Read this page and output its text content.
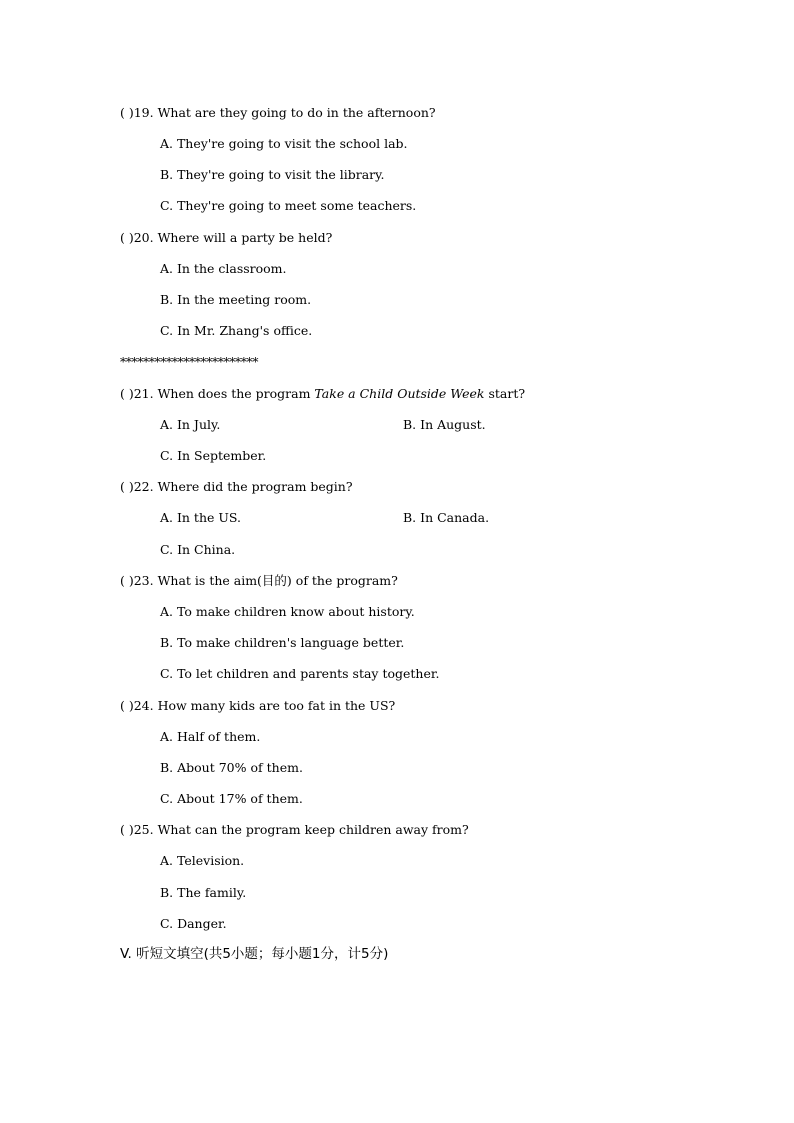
( )19. What are they going to do in the afternoon?
A. They're going to visit the school lab.
B. They're going to visit the library.
C. They're going to meet some teachers.
( )20. Where will a party be held?
A. In the classroom.
B. In the meeting room.
C. In Mr. Zhang's office.
************************
( )21. When does the program Take a Child Outside Week start?
A. In July.	B. In August.
C. In September.
( )22. Where did the program begin?
A. In the US.	B. In Canada.
C. In China.
( )23. What is the aim(目的) of the program?
A. To make children know about history.
B. To make children's language better.
C. To let children and parents stay together.
( )24. How many kids are too fat in the US?
A. Half of them.
B. About 70% of them.
C. About 17% of them.
( )25. What can the program keep children away from?
A. Television.
B. The family.
C. Danger.
V. 听短文填空(共5小题；每小题1分，计5分)
